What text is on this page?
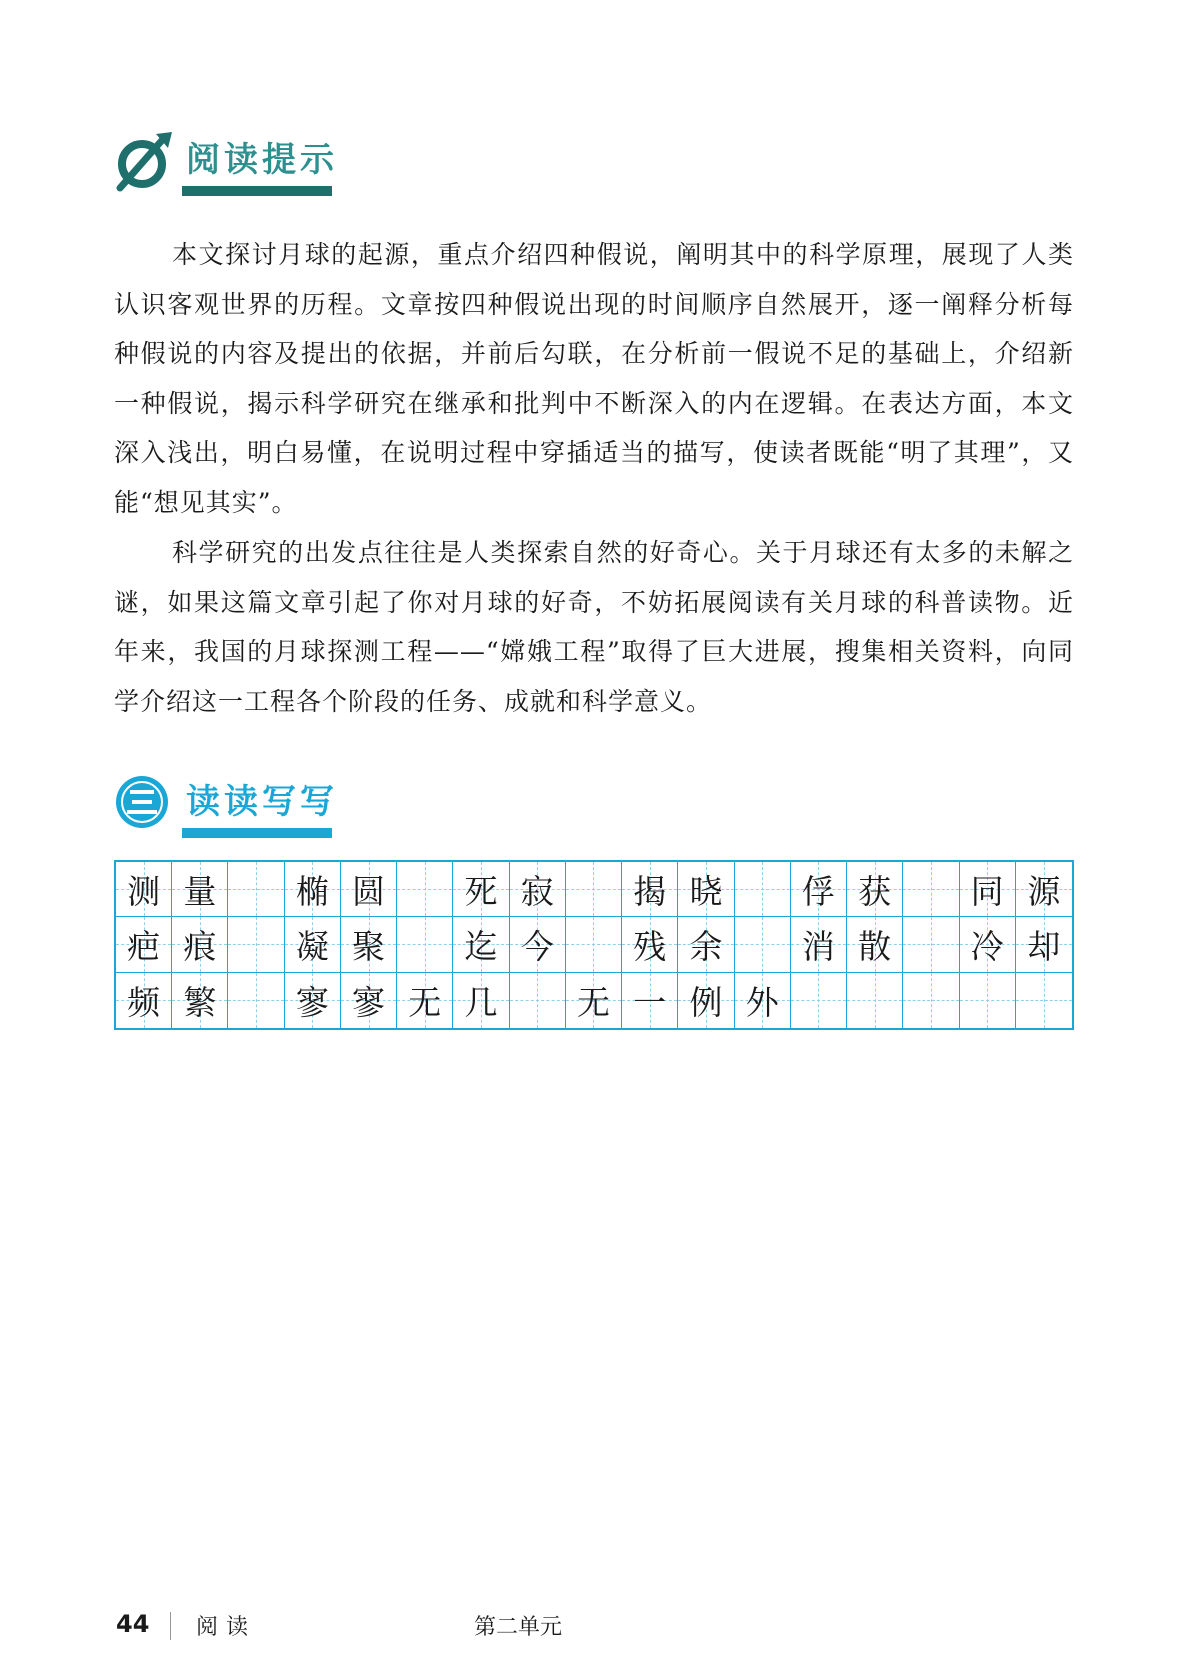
阅读提示

本文探讨月球的起源，重点介绍四种假说，阐明其中的科学原理，展现了人类认识客观世界的历程。文章按四种假说出现的时间顺序自然展开，逐一阐释分析每种假说的内容及提出的依据，并前后勾联，在分析前一假说不足的基础上，介绍新一种假说，揭示科学研究在继承和批判中不断深入的内在逻辑。在表达方面，本文深入浅出，明白易懂，在说明过程中穿插适当的描写，使读者既能“明了其理”，又能“想见其实”。

科学研究的出发点往往是人类探索自然的好奇心。关于月球还有太多的未解之谜，如果这篇文章引起了你对月球的好奇，不妨拓展阅读有关月球的科普读物。近年来，我国的月球探测工程——“嫦娥工程”取得了巨大进展，搜集相关资料，向同学介绍这一工程各个阶段的任务、成就和科学意义。

读读写写
测 量 椭 圆 死 寂 揭 晓 俘 获 同 源
疤 痕 凝 聚 迄 今 残 余 消 散 冷 却
频 繁 寥 寥 无 几 无 一 例 外
44 阅读	第二单元
